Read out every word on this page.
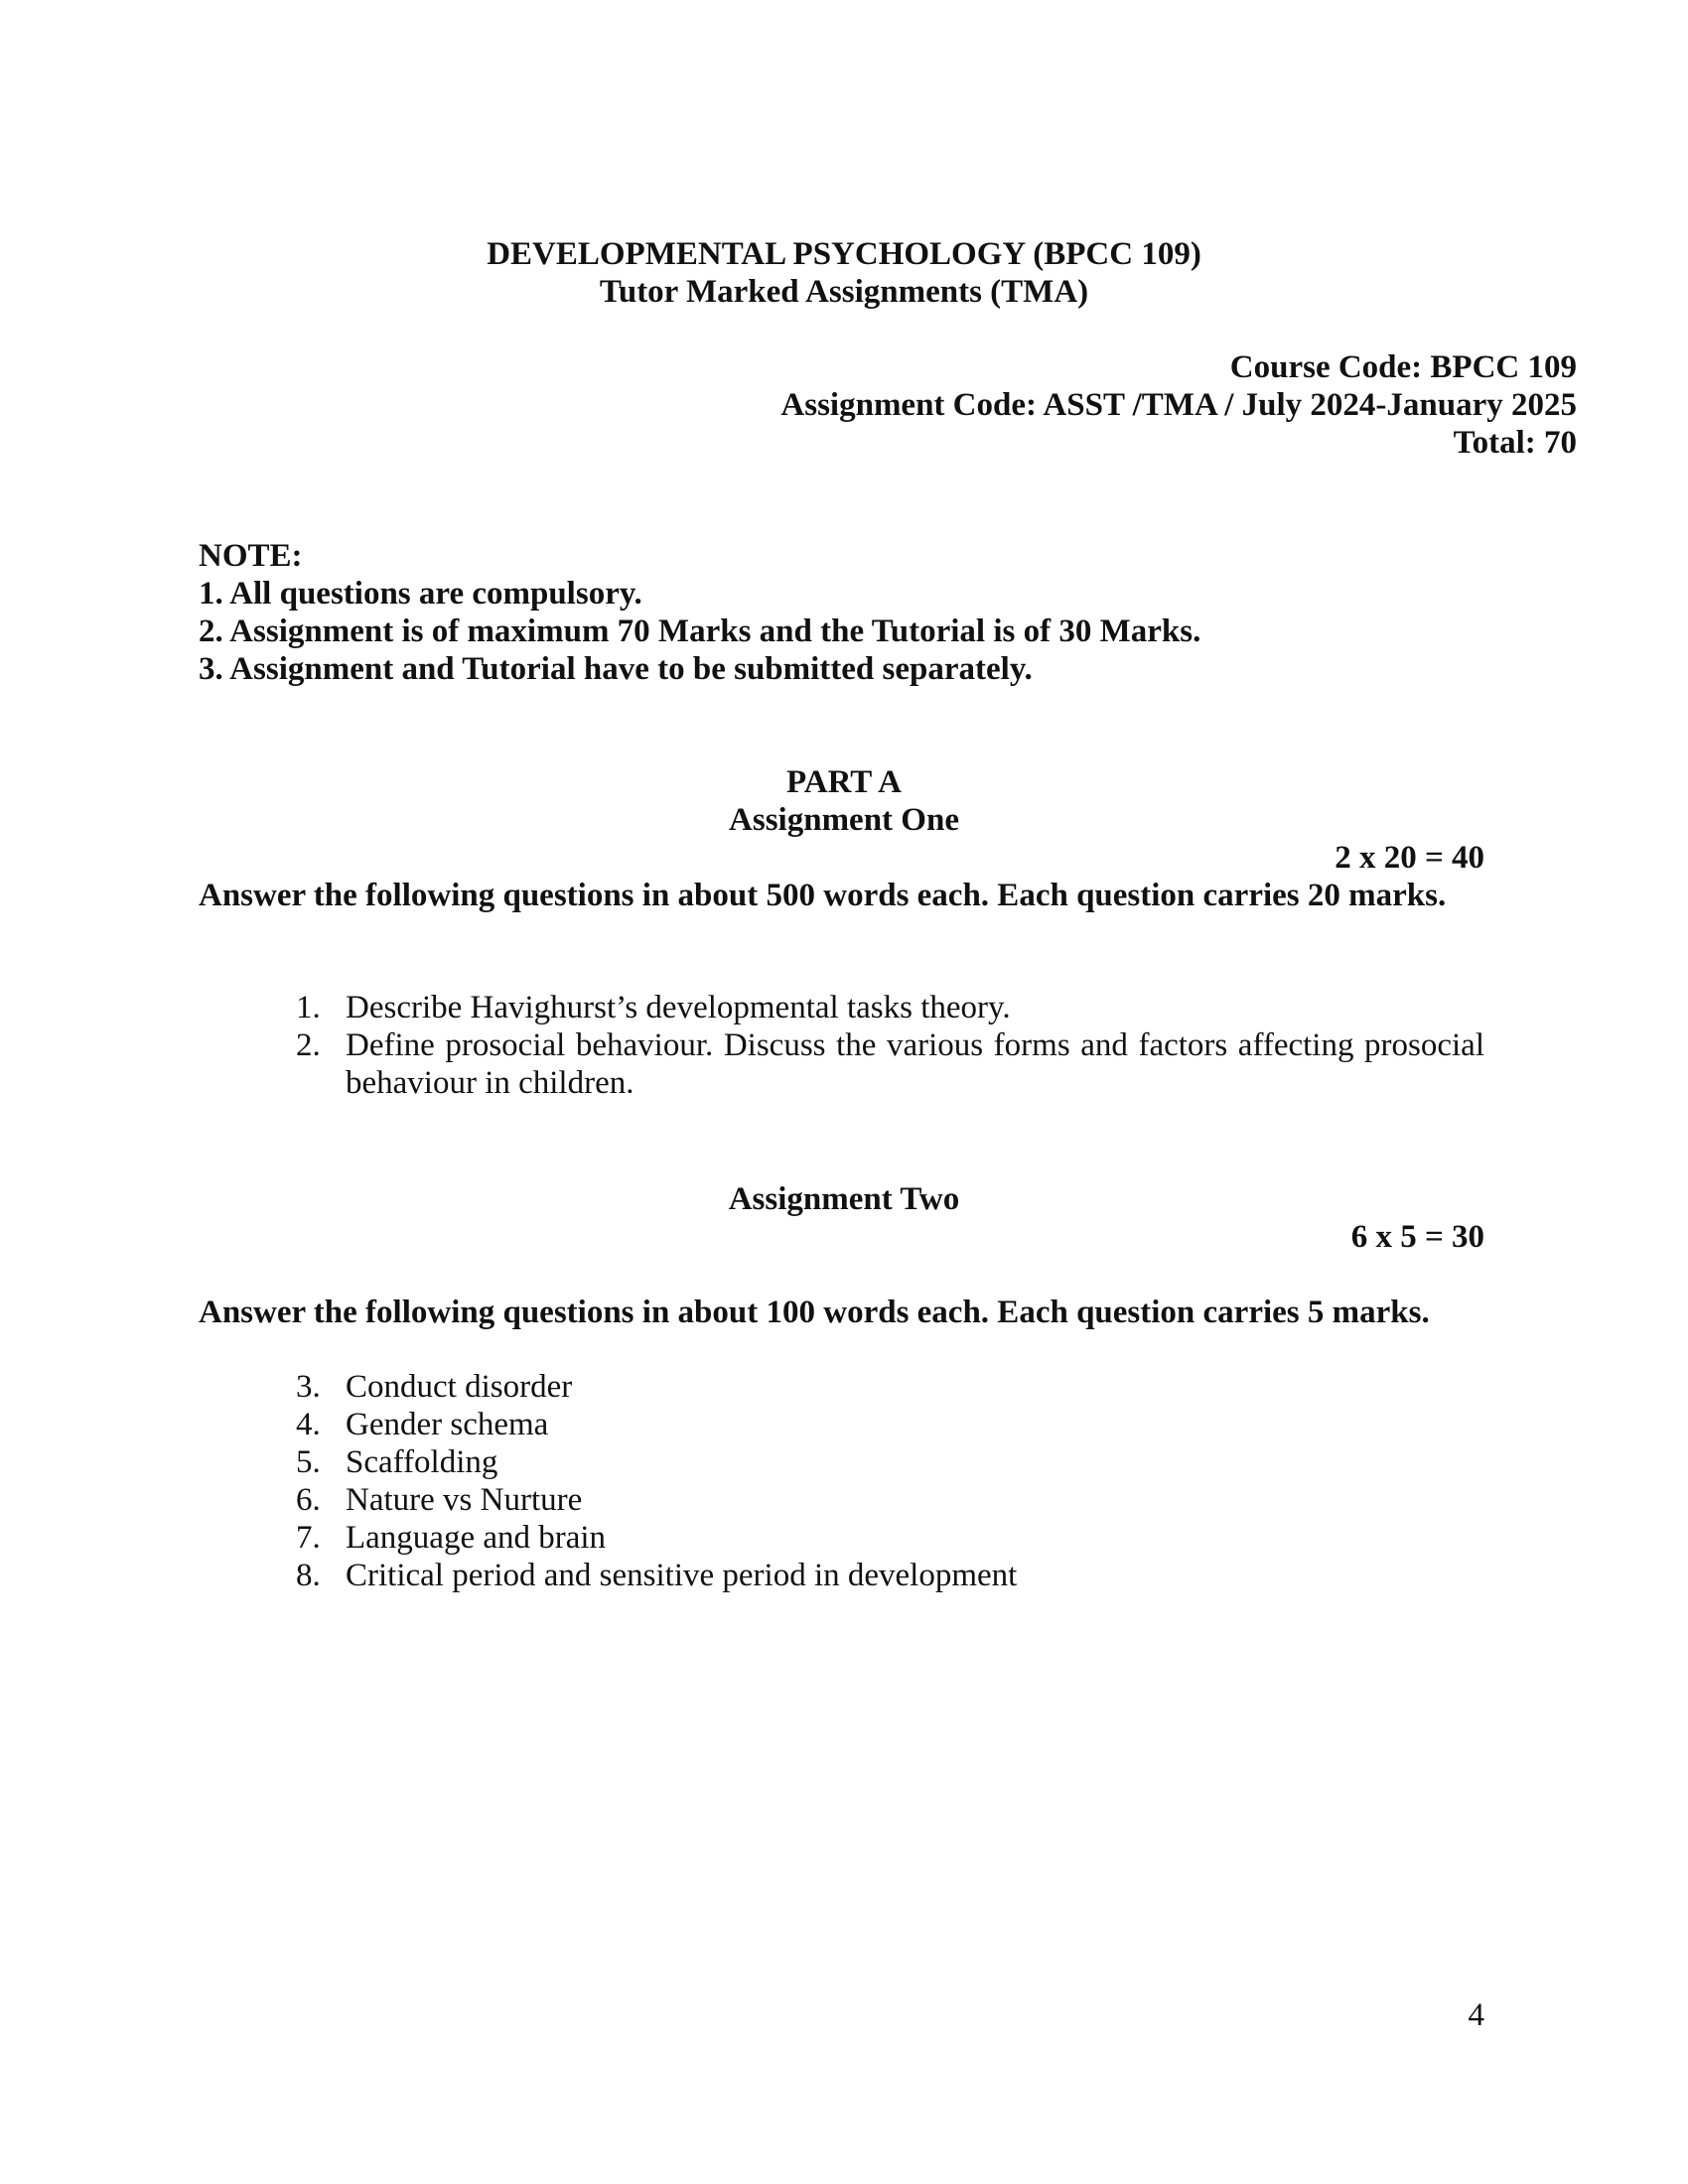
DEVELOPMENTAL PSYCHOLOGY (BPCC 109)
Tutor Marked Assignments (TMA)
Course Code: BPCC 109
Assignment Code: ASST /TMA / July 2024-January 2025
Total: 70
NOTE:
1. All questions are compulsory.
2. Assignment is of maximum 70 Marks and the Tutorial is of 30 Marks.
3. Assignment and Tutorial have to be submitted separately.
PART A
Assignment One
2 x 20 = 40
Answer the following questions in about 500 words each. Each question carries 20 marks.
1. Describe Havighurst’s developmental tasks theory.
2. Define prosocial behaviour. Discuss the various forms and factors affecting prosocial behaviour in children.
Assignment Two
6 x 5 = 30
Answer the following questions in about 100 words each. Each question carries 5 marks.
3. Conduct disorder
4. Gender schema
5. Scaffolding
6. Nature vs Nurture
7. Language and brain
8. Critical period and sensitive period in development
4
